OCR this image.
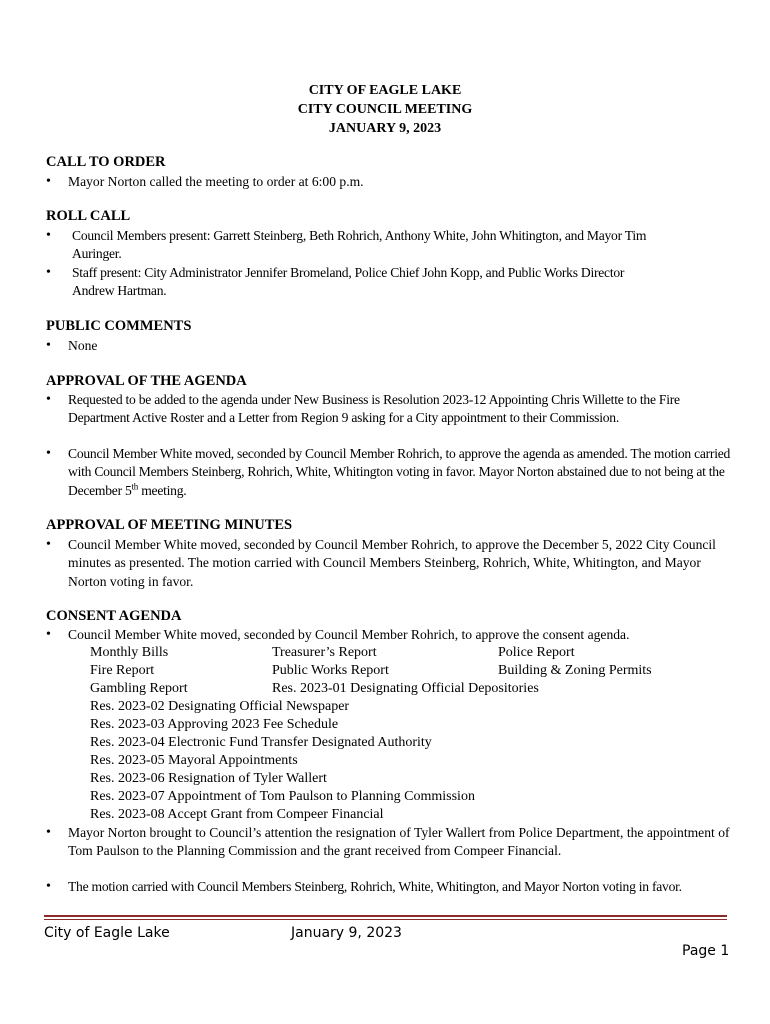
CITY OF EAGLE LAKE
CITY COUNCIL MEETING
JANUARY 9, 2023
CALL TO ORDER
• Mayor Norton called the meeting to order at 6:00 p.m.
ROLL CALL
• Council Members present: Garrett Steinberg, Beth Rohrich, Anthony White, John Whitington, and Mayor Tim Auringer.
• Staff present: City Administrator Jennifer Bromeland, Police Chief John Kopp, and Public Works Director Andrew Hartman.
PUBLIC COMMENTS
• None
APPROVAL OF THE AGENDA
• Requested to be added to the agenda under New Business is Resolution 2023-12 Appointing Chris Willette to the Fire Department Active Roster and a Letter from Region 9 asking for a City appointment to their Commission.
• Council Member White moved, seconded by Council Member Rohrich, to approve the agenda as amended. The motion carried with Council Members Steinberg, Rohrich, White, Whitington voting in favor. Mayor Norton abstained due to not being at the December 5th meeting.
APPROVAL OF MEETING MINUTES
• Council Member White moved, seconded by Council Member Rohrich, to approve the December 5, 2022 City Council minutes as presented. The motion carried with Council Members Steinberg, Rohrich, White, Whitington, and Mayor Norton voting in favor.
CONSENT AGENDA
• Council Member White moved, seconded by Council Member Rohrich, to approve the consent agenda.
Monthly Bills	Treasurer’s Report	Police Report
Fire Report	Public Works Report	Building & Zoning Permits
Gambling Report	Res. 2023-01 Designating Official Depositories
Res. 2023-02 Designating Official Newspaper
Res. 2023-03 Approving 2023 Fee Schedule
Res. 2023-04 Electronic Fund Transfer Designated Authority
Res. 2023-05 Mayoral Appointments
Res. 2023-06 Resignation of Tyler Wallert
Res. 2023-07 Appointment of Tom Paulson to Planning Commission
Res. 2023-08 Accept Grant from Compeer Financial
• Mayor Norton brought to Council’s attention the resignation of Tyler Wallert from Police Department, the appointment of Tom Paulson to the Planning Commission and the grant received from Compeer Financial.
• The motion carried with Council Members Steinberg, Rohrich, White, Whitington, and Mayor Norton voting in favor.
City of Eagle Lake	January 9, 2023
Page 1
